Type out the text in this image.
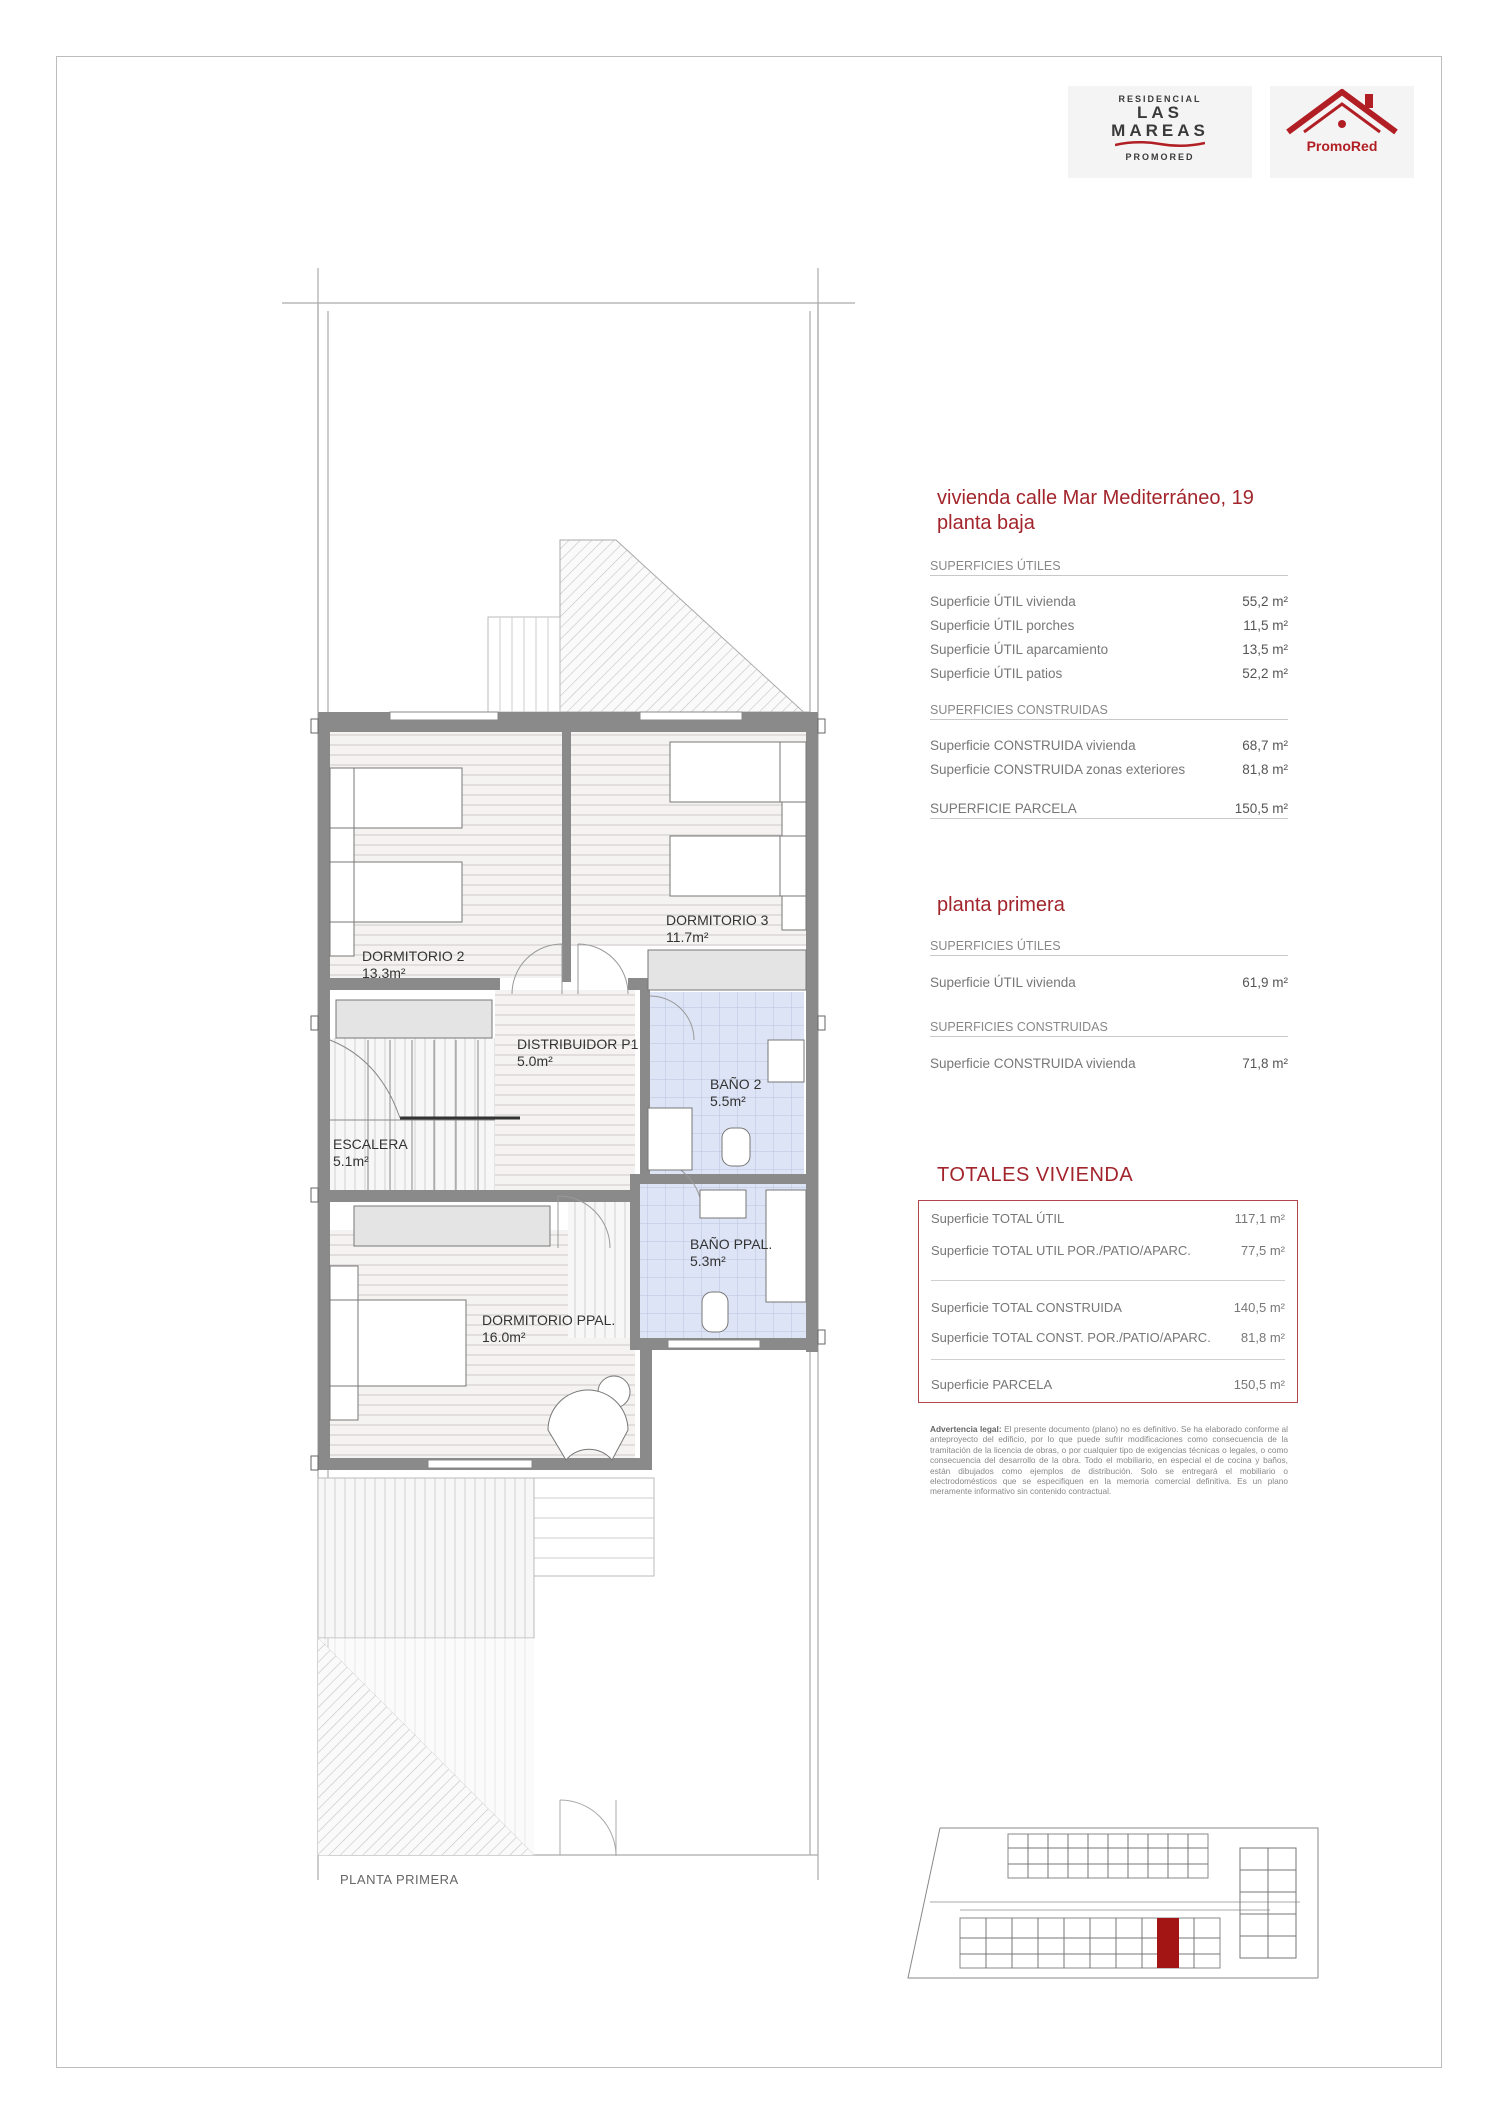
RESIDENCIAL
LAS
MAREAS
PROMORED
PromoRed
vivienda calle Mar Mediterráneo, 19
planta baja
SUPERFICIES ÚTILES
Superficie ÚTIL vivienda	55,2 m²
Superficie ÚTIL porches	11,5 m²
Superficie ÚTIL aparcamiento	13,5 m²
Superficie ÚTIL patios	52,2 m²
SUPERFICIES CONSTRUIDAS
Superficie CONSTRUIDA vivienda	68,7 m²
Superficie CONSTRUIDA zonas exteriores	81,8 m²
SUPERFICIE PARCELA	150,5 m²
planta primera
SUPERFICIES ÚTILES
Superficie ÚTIL vivienda	61,9 m²
SUPERFICIES CONSTRUIDAS
Superficie CONSTRUIDA vivienda	71,8 m²
TOTALES VIVIENDA
Superficie TOTAL ÚTIL	117,1 m²
Superficie TOTAL UTIL POR./PATIO/APARC.	77,5 m²
Superficie TOTAL CONSTRUIDA	140,5 m²
Superficie TOTAL CONST. POR./PATIO/APARC. 81,8 m²
Superficie PARCELA	150,5 m²
Advertencia legal: El presente documento (plano) no es definitivo. Se ha elaborado conforme al anteproyecto del edificio, por lo que puede sufrir modificaciones como consecuencia de la tramitación de la licencia de obras, o por cualquier tipo de exigencias técnicas o legales, o como consecuencia del desarrollo de la obra. Todo el mobiliario, en especial el de cocina y baños, están dibujados como ejemplos de distribución. Solo se entregará el mobiliario o electrodomésticos que se especifiquen en la memoria comercial definitiva. Es un plano meramente informativo sin contenido contractual.
DORMITORIO 2
13.3m²
DORMITORIO 3
11.7m²
DISTRIBUIDOR P1
5.0m²
BAÑO 2
5.5m²
ESCALERA
5.1m²
BAÑO PPAL.
5.3m²
DORMITORIO PPAL.
16.0m²
PLANTA PRIMERA
